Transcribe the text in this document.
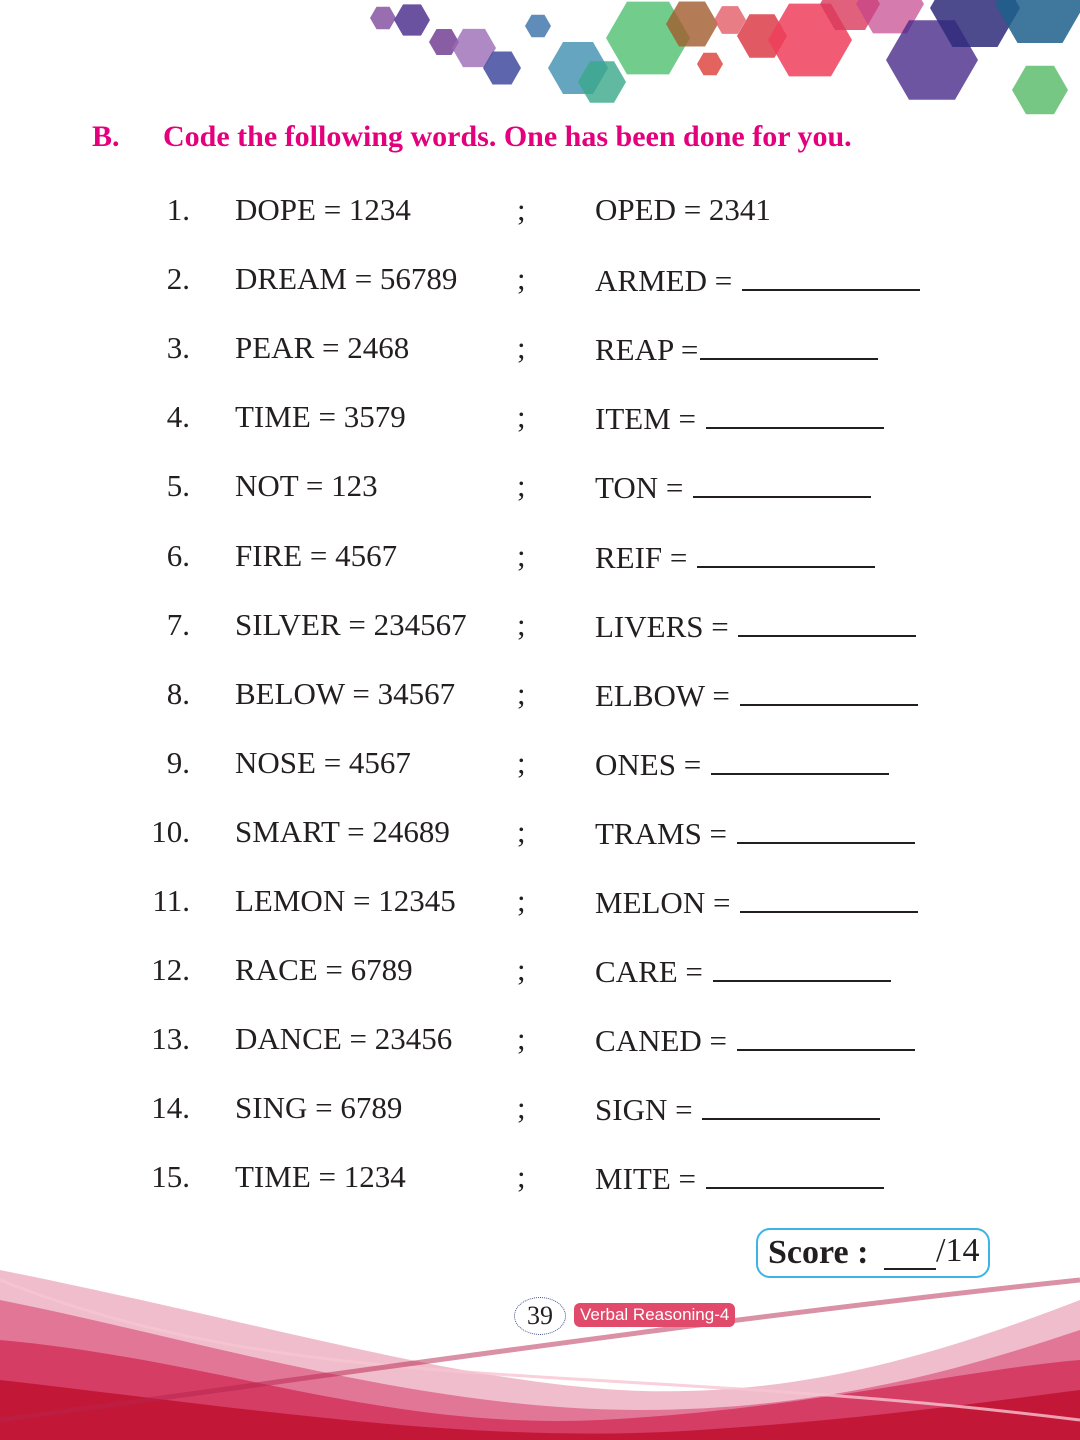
B. Code the following words. One has been done for you.
1. DOPE = 1234	; OPED = 2341
2. DREAM = 56789 ; ARMED =
3. PEAR = 2468	; REAP =
4. TIME = 3579	; ITEM =
5. NOT = 123	; TON =
6. FIRE = 4567	; REIF =
7. SILVER = 234567 ; LIVERS =
8. BELOW = 34567 ; ELBOW =
9. NOSE = 4567	; ONES =
10. SMART = 24689 ; TRAMS =
11. LEMON = 12345 ; MELON =
12. RACE = 6789	; CARE =
13. DANCE = 23456 ; CANED =
14. SING = 6789	; SIGN =
15. TIME = 1234	; MITE =
Score : /14
39	Verbal Reasoning-4
